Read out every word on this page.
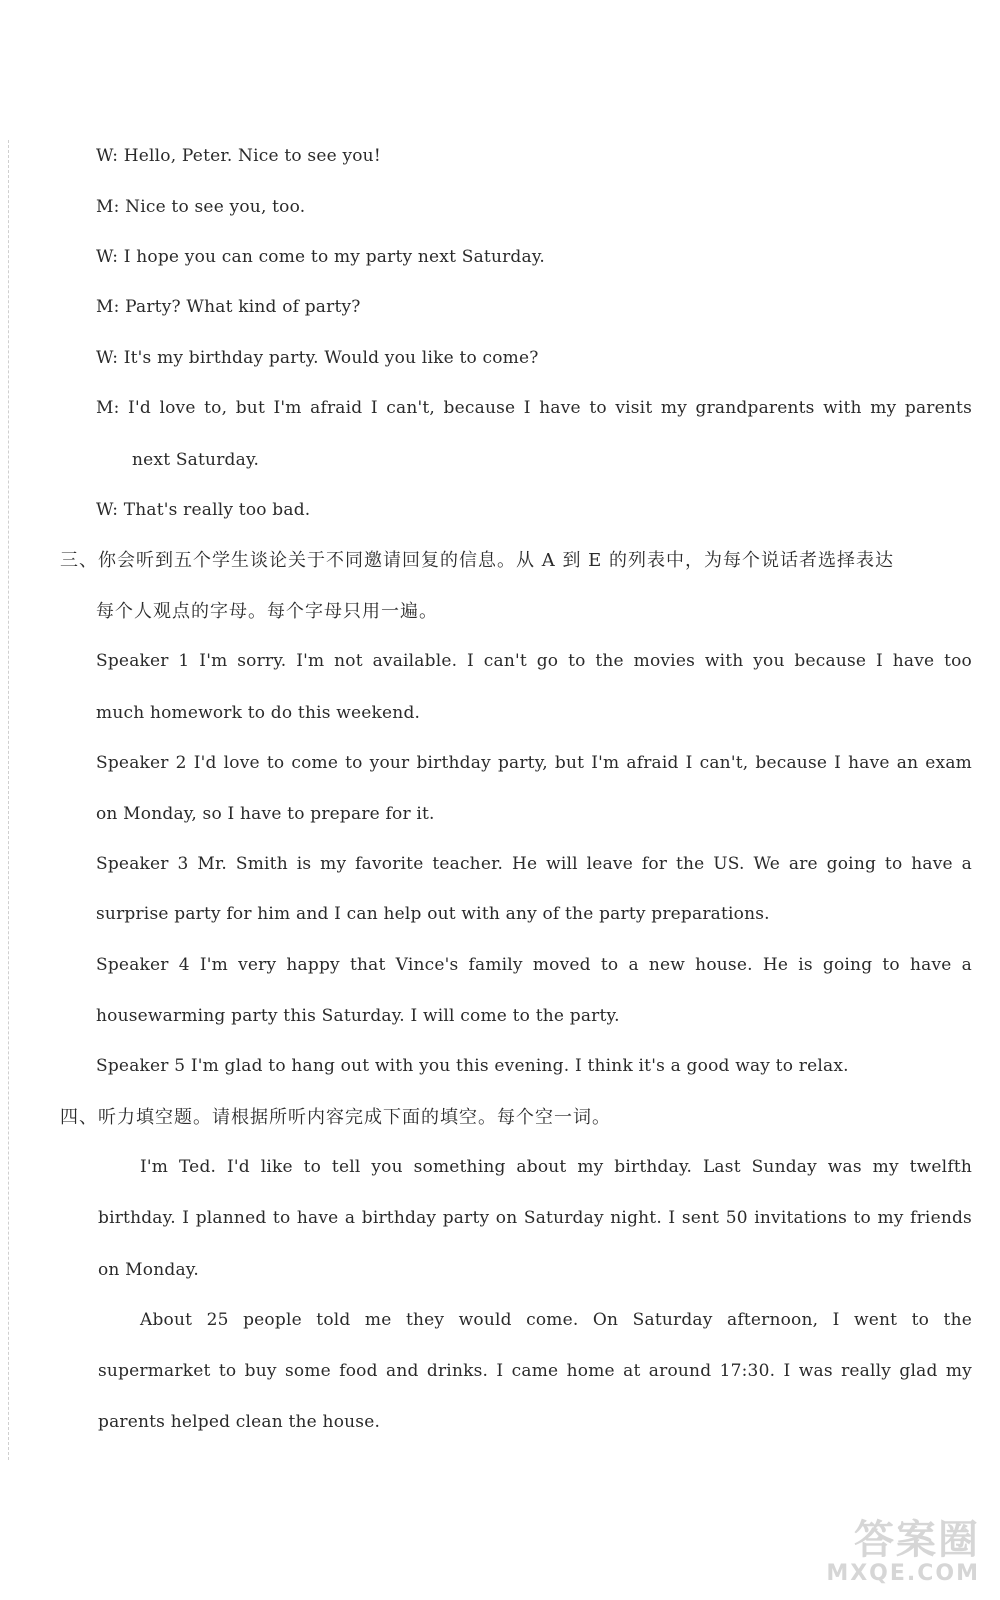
W: Hello, Peter. Nice to see you!

M: Nice to see you, too.

W: I hope you can come to my party next Saturday.

M: Party? What kind of party?

W: It's my birthday party. Would you like to come?

M: I'd love to, but I'm afraid I can't, because I have to visit my grandparents with my parents

next Saturday.

W: That's really too bad.

三、你会听到五个学生谈论关于不同邀请回复的信息。从 A 到 E 的列表中，为每个说话者选择表达

每个人观点的字母。每个字母只用一遍。

Speaker 1 I'm sorry. I'm not available. I can't go to the movies with you because I have too

much homework to do this weekend.

Speaker 2 I'd love to come to your birthday party, but I'm afraid I can't, because I have an exam

on Monday, so I have to prepare for it.

Speaker 3 Mr. Smith is my favorite teacher. He will leave for the US. We are going to have a

surprise party for him and I can help out with any of the party preparations.

Speaker 4 I'm very happy that Vince's family moved to a new house. He is going to have a

housewarming party this Saturday. I will come to the party.

Speaker 5 I'm glad to hang out with you this evening. I think it's a good way to relax.

四、听力填空题。请根据所听内容完成下面的填空。每个空一词。

I'm Ted. I'd like to tell you something about my birthday. Last Sunday was my twelfth

birthday. I planned to have a birthday party on Saturday night. I sent 50 invitations to my friends

on Monday.

About 25 people told me they would come. On Saturday afternoon, I went to the

supermarket to buy some food and drinks. I came home at around 17:30. I was really glad my

parents helped clean the house.

答案圈
MXQE.COM
